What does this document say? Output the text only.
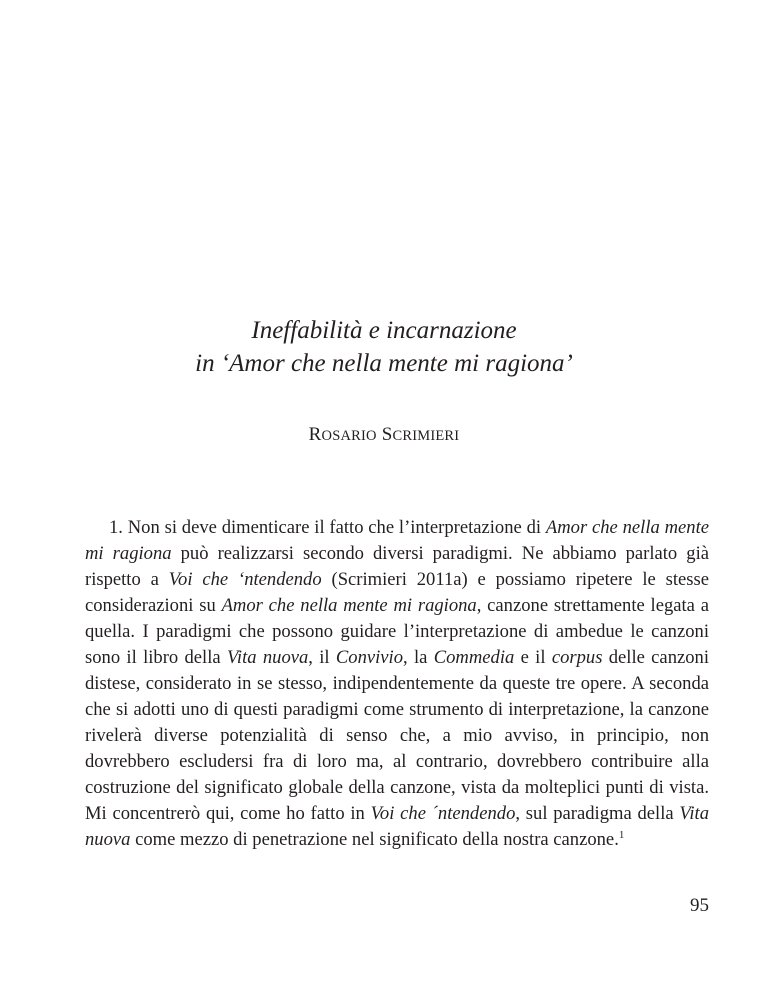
Ineffabilità e incarnazione
in ‘Amor che nella mente mi ragiona’
ROSARIO SCRIMIERI

1. Non si deve dimenticare il fatto che l’interpretazione di Amor che nella mente mi ragiona può realizzarsi secondo diversi paradigmi. Ne abbiamo parlato già rispetto a Voi che ‘ntendendo (Scrimieri 2011a) e possiamo ripetere le stesse considerazioni su Amor che nella mente mi ragiona, canzone strettamente legata a quella. I paradigmi che possono guidare l’interpretazione di ambedue le canzoni sono il libro della Vita nuova, il Convivio, la Commedia e il corpus delle canzoni distese, considerato in se stesso, indipendentemente da queste tre opere. A seconda che si adotti uno di questi paradigmi come strumento di interpretazione, la canzone rivelerà diverse potenzialità di senso che, a mio avviso, in principio, non dovrebbero escludersi fra di loro ma, al contrario, dovrebbero contribuire alla costruzione del significato globale della canzone, vista da molteplici punti di vista. Mi concentrerò qui, come ho fatto in Voi che ´ntendendo, sul paradigma della Vita nuova come mezzo di penetrazione nel significato della nostra canzone.$^1$

95
